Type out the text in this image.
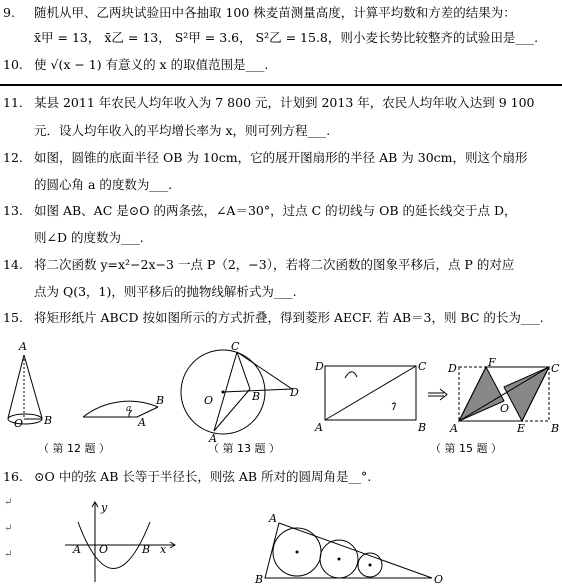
9. 随机从甲、乙两块试验田中各抽取 100 株麦苗测量高度，计算平均数和方差的结果为：
x̄甲 = 13， x̄乙 = 13， S²甲 = 3.6， S²乙 = 15.8，则小麦长势比较整齐的试验田是___.
10. 使 √(x − 1) 有意义的 x 的取值范围是___.
11. 某县 2011 年农民人均年收入为 7 800 元，计划到 2013 年，农民人均年收入达到 9 100
元．设人均年收入的平均增长率为 x，则可列方程___.
12. 如图，圆锥的底面半径 OB 为 10cm，它的展开图扇形的半径 AB 为 30cm，则这个扇形
的圆心角 a 的度数为___.
13. 如图 AB、AC 是⊙O 的两条弦，∠A＝30°，过点 C 的切线与 OB 的延长线交于点 D，
则∠D 的度数为___.
14. 将二次函数 y=x²−2x−3 一点 P（2，−3），若将二次函数的图象平移后，点 P 的对应
点为 Q(3，1)，则平移后的抛物线解析式为___.
15. 将矩形纸片 ABCD 按如图所示的方式折叠，得到菱形 AECF. 若 AB＝3，则 BC 的长为___.
16. ⊙O 中的弦 AB 长等于半径长，则弦 AB 所对的圆周角是__°.
（ 第 12 题 ）	（ 第 13 题 ）	（ 第 15 题 ）
A
O B
B
a
A
C
O	B	D
A
D	C
A	B
D	F	C
O
A	E B
y
A O	B x
A
B	O
↵
↵
↵
